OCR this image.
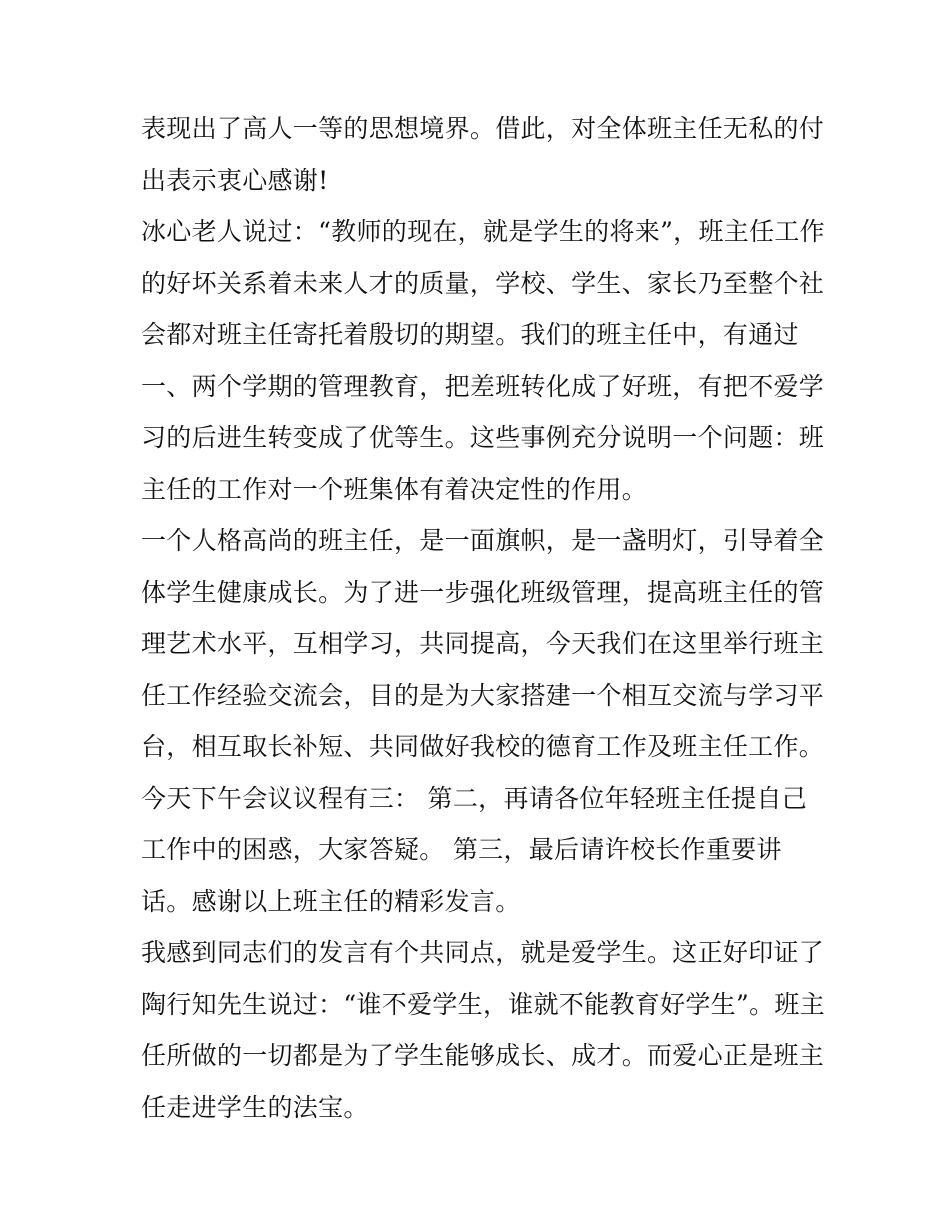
表现出了高人一等的思想境界。借此，对全体班主任无私的付
出表示衷心感谢!
冰心老人说过：“教师的现在，就是学生的将来”，班主任工作
的好坏关系着未来人才的质量，学校、学生、家长乃至整个社
会都对班主任寄托着殷切的期望。我们的班主任中，有通过
一、两个学期的管理教育，把差班转化成了好班，有把不爱学
习的后进生转变成了优等生。这些事例充分说明一个问题：班
主任的工作对一个班集体有着决定性的作用。
一个人格高尚的班主任，是一面旗帜，是一盏明灯，引导着全
体学生健康成长。为了进一步强化班级管理，提高班主任的管
理艺术水平，互相学习，共同提高，今天我们在这里举行班主
任工作经验交流会，目的是为大家搭建一个相互交流与学习平
台，相互取长补短、共同做好我校的德育工作及班主任工作。
今天下午会议议程有三： 第二，再请各位年轻班主任提自己
工作中的困惑，大家答疑。 第三，最后请许校长作重要讲
话。感谢以上班主任的精彩发言。
我感到同志们的发言有个共同点，就是爱学生。这正好印证了
陶行知先生说过：“谁不爱学生，谁就不能教育好学生”。班主
任所做的一切都是为了学生能够成长、成才。而爱心正是班主
任走进学生的法宝。
